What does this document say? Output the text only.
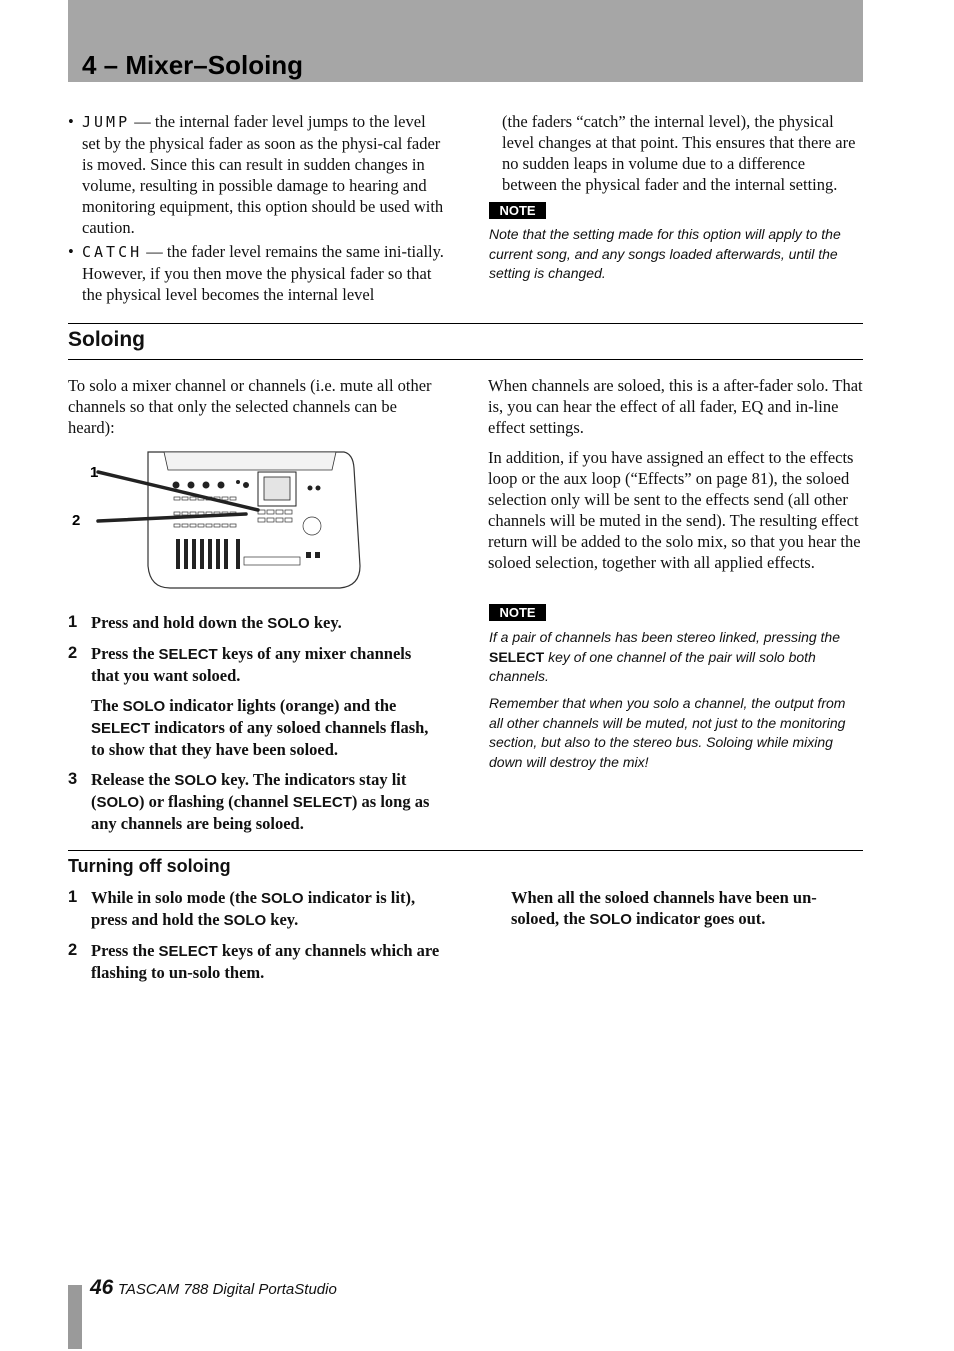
4 – Mixer–Soloing
• JUMP — the internal fader level jumps to the level set by the physical fader as soon as the physi-cal fader is moved. Since this can result in sudden changes in volume, resulting in possible damage to hearing and monitoring equipment, this option should be used with caution.
• CATCH — the fader level remains the same ini-tially. However, if you then move the physical fader so that the physical level becomes the internal level
(the faders “catch” the internal level), the physical level changes at that point. This ensures that there are no sudden leaps in volume due to a difference between the physical fader and the internal setting.
NOTE
Note that the setting made for this option will apply to the current song, and any songs loaded afterwards, until the setting is changed.
Soloing
To solo a mixer channel or channels (i.e. mute all other channels so that only the selected channels can be heard):
1
2
1 Press and hold down the SOLO key.
2 Press the SELECT keys of any mixer channels that you want soloed.
The SOLO indicator lights (orange) and the SELECT indicators of any soloed channels flash, to show that they have been soloed.
3 Release the SOLO key. The indicators stay lit (SOLO) or flashing (channel SELECT) as long as any channels are being soloed.
When channels are soloed, this is a after-fader solo. That is, you can hear the effect of all fader, EQ and in-line effect settings.
In addition, if you have assigned an effect to the effects loop or the aux loop (“Effects” on page 81), the soloed selection only will be sent to the effects send (all other channels will be muted in the send). The resulting effect return will be added to the solo mix, so that you hear the soloed selection, together with all applied effects.
NOTE
If a pair of channels has been stereo linked, pressing the SELECT key of one channel of the pair will solo both channels.
Remember that when you solo a channel, the output from all other channels will be muted, not just to the monitoring section, but also to the stereo bus. Soloing while mixing down will destroy the mix!
Turning off soloing
1 While in solo mode (the SOLO indicator is lit), press and hold the SOLO key.
2 Press the SELECT keys of any channels which are flashing to un-solo them.
When all the soloed channels have been un-soloed, the SOLO indicator goes out.
46 TASCAM 788 Digital PortaStudio
